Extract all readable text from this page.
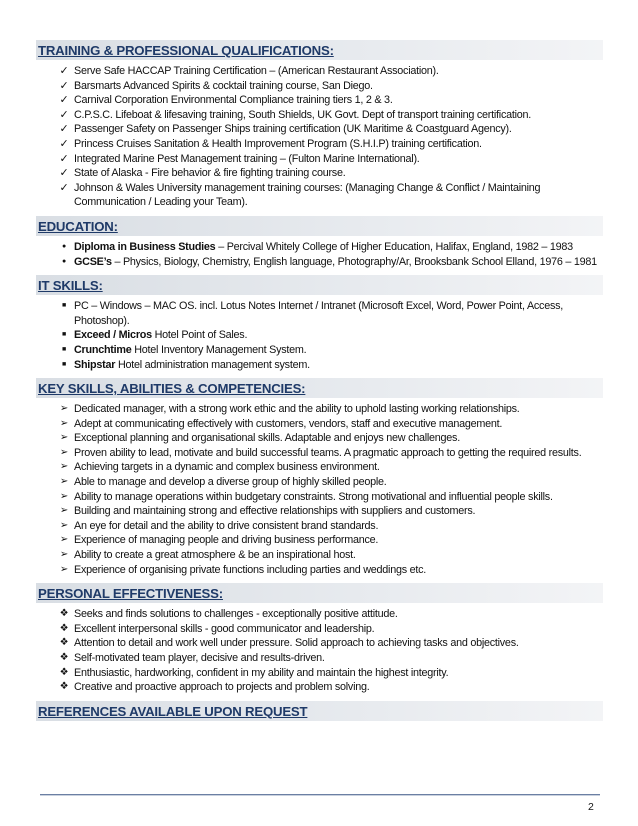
TRAINING & PROFESSIONAL QUALIFICATIONS:
✓
Serve Safe HACCAP Training Certification – (American Restaurant Association).
✓
Barsmarts Advanced Spirits & cocktail training course, San Diego.
✓
Carnival Corporation Environmental Compliance training tiers 1, 2 & 3.
✓
C.P.S.C. Lifeboat & lifesaving training, South Shields, UK Govt. Dept of transport training certification.
✓
Passenger Safety on Passenger Ships training certification (UK Maritime & Coastguard Agency).
✓
Princess Cruises Sanitation & Health Improvement Program (S.H.I.P) training certification.
✓
Integrated Marine Pest Management training – (Fulton Marine International).
✓
State of Alaska - Fire behavior & fire fighting training course.
✓
Johnson & Wales University management training courses: (Managing Change & Conflict / Maintaining Communication / Leading your Team).
EDUCATION:
●
Diploma in Business Studies – Percival Whitely College of Higher Education, Halifax, England, 1982 – 1983
●
GCSE’s – Physics, Biology, Chemistry, English language, Photography/Ar, Brooksbank School Elland, 1976 – 1981
IT SKILLS:
■
PC – Windows – MAC OS. incl. Lotus Notes Internet / Intranet (Microsoft Excel, Word, Power Point, Access, Photoshop).
■
Exceed / Micros Hotel Point of Sales.
■
Crunchtime Hotel Inventory Management System.
■
Shipstar Hotel administration management system.
KEY SKILLS, ABILITIES & COMPETENCIES:
➢
Dedicated manager, with a strong work ethic and the ability to uphold lasting working relationships.
➢
Adept at communicating effectively with customers, vendors, staff and executive management.
➢
Exceptional planning and organisational skills. Adaptable and enjoys new challenges.
➢
Proven ability to lead, motivate and build successful teams. A pragmatic approach to getting the required results.
➢
Achieving targets in a dynamic and complex business environment.
➢
Able to manage and develop a diverse group of highly skilled people.
➢
Ability to manage operations within budgetary constraints. Strong motivational and influential people skills.
➢
Building and maintaining strong and effective relationships with suppliers and customers.
➢
An eye for detail and the ability to drive consistent brand standards.
➢
Experience of managing people and driving business performance.
➢
Ability to create a great atmosphere & be an inspirational host.
➢
Experience of organising private functions including parties and weddings etc.
PERSONAL EFFECTIVENESS:
❖
Seeks and finds solutions to challenges - exceptionally positive attitude.
❖
Excellent interpersonal skills - good communicator and leadership.
❖
Attention to detail and work well under pressure. Solid approach to achieving tasks and objectives.
❖
Self-motivated team player, decisive and results-driven.
❖
Enthusiastic, hardworking, confident in my ability and maintain the highest integrity.
❖
Creative and proactive approach to projects and problem solving.
REFERENCES AVAILABLE UPON REQUEST
2
